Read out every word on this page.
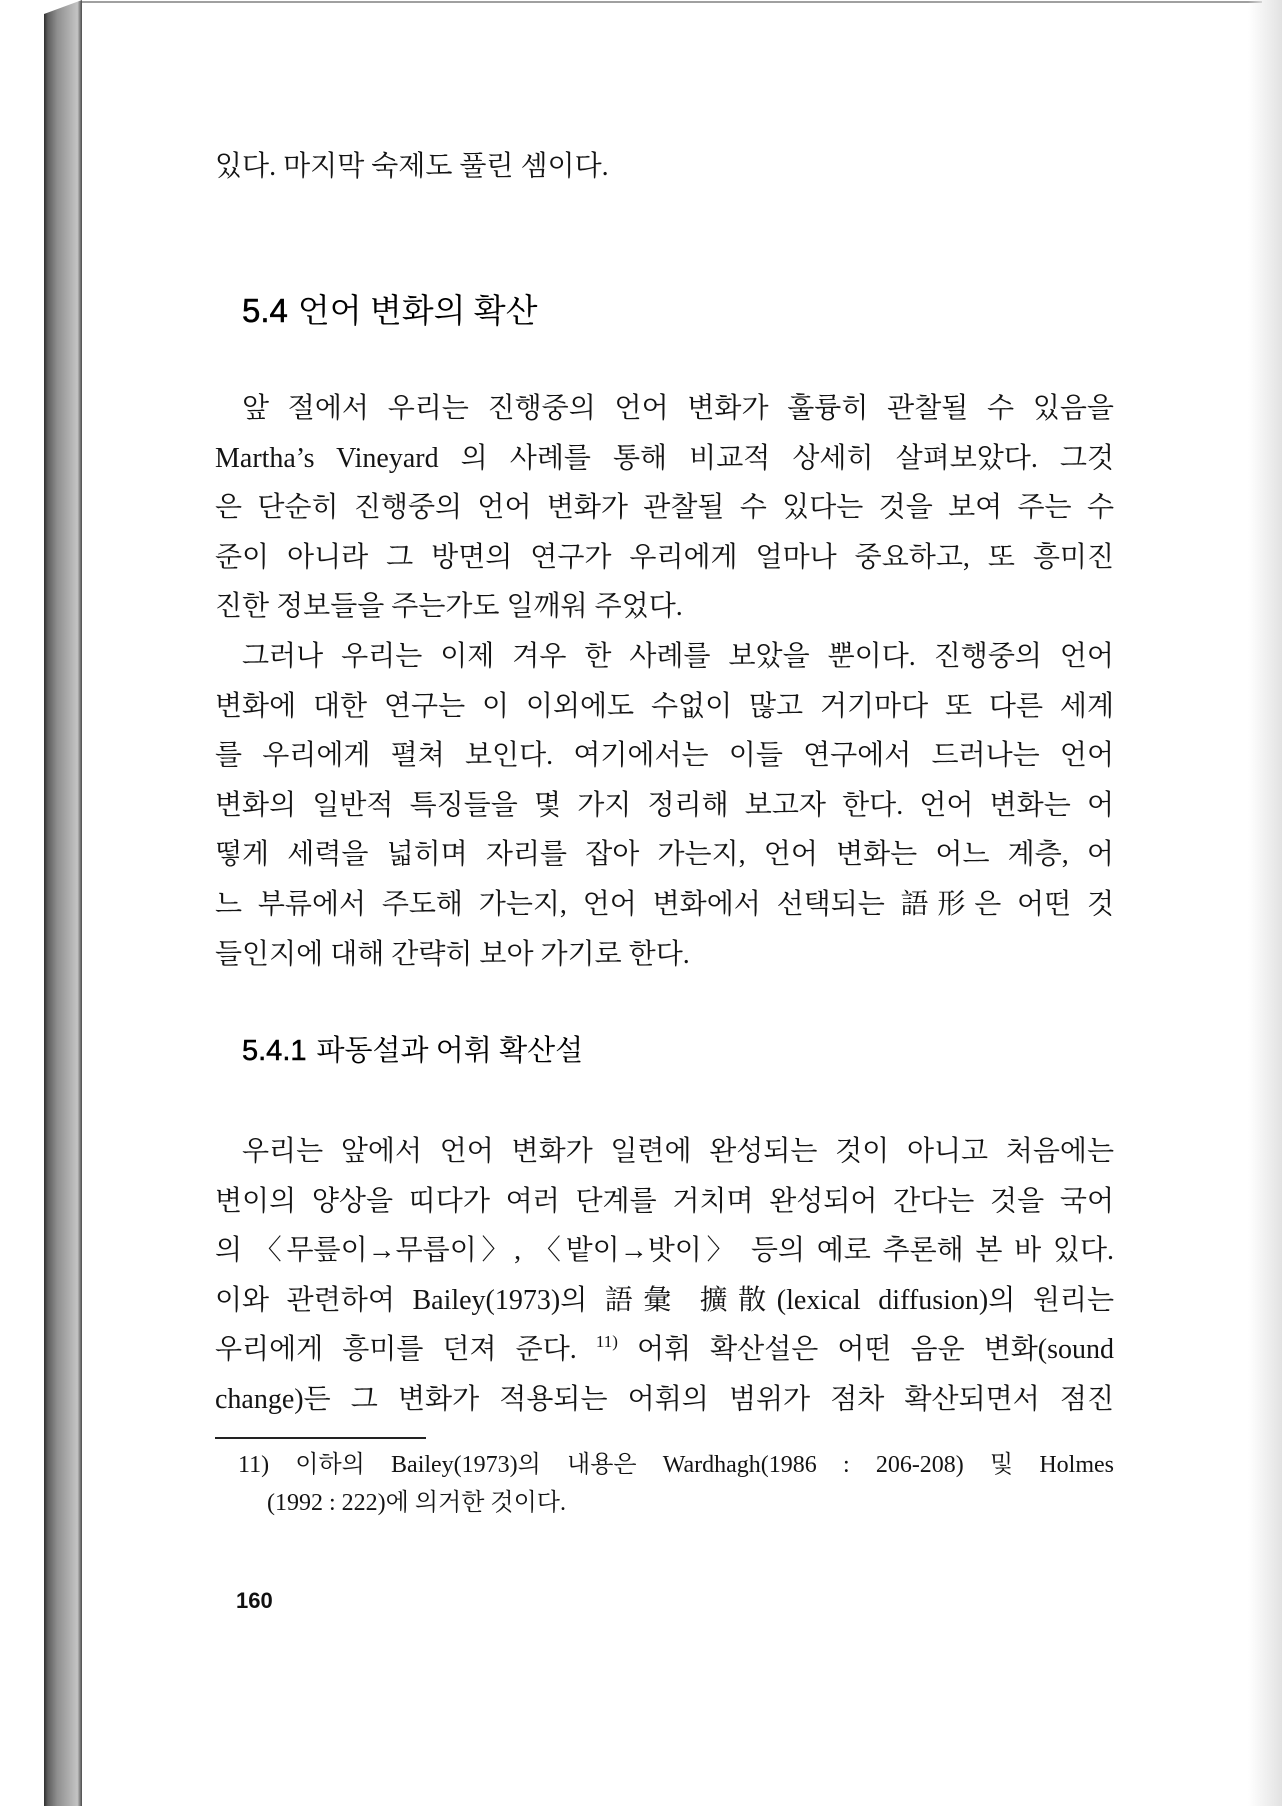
있다. 마지막 숙제도 풀린 셈이다.
5.4 언어 변화의 확산
앞 절에서 우리는 진행중의 언어 변화가 훌륭히 관찰될 수 있음을
Martha’s Vineyard 의 사례를 통해 비교적 상세히 살펴보았다. 그것
은 단순히 진행중의 언어 변화가 관찰될 수 있다는 것을 보여 주는 수
준이 아니라 그 방면의 연구가 우리에게 얼마나 중요하고, 또 흥미진
진한 정보들을 주는가도 일깨워 주었다.
그러나 우리는 이제 겨우 한 사례를 보았을 뿐이다. 진행중의 언어
변화에 대한 연구는 이 이외에도 수없이 많고 거기마다 또 다른 세계
를 우리에게 펼쳐 보인다. 여기에서는 이들 연구에서 드러나는 언어
변화의 일반적 특징들을 몇 가지 정리해 보고자 한다. 언어 변화는 어
떻게 세력을 넓히며 자리를 잡아 가는지, 언어 변화는 어느 계층, 어
느 부류에서 주도해 가는지, 언어 변화에서 선택되는 語形은 어떤 것
들인지에 대해 간략히 보아 가기로 한다.
5.4.1 파동설과 어휘 확산설
우리는 앞에서 언어 변화가 일련에 완성되는 것이 아니고 처음에는
변이의 양상을 띠다가 여러 단계를 거치며 완성되어 간다는 것을 국어
의 〈무릎이→무릅이〉, 〈밭이→밧이〉 등의 예로 추론해 본 바 있다.
이와 관련하여 Bailey(1973)의 語彙 擴散(lexical diffusion)의 원리는
우리에게 흥미를 던져 준다. $^{11)}$ 어휘 확산설은 어떤 음운 변화(sound
change)든 그 변화가 적용되는 어휘의 범위가 점차 확산되면서 점진
11) 이하의 Bailey(1973)의 내용은 Wardhagh(1986 : 206-208) 및 Holmes
(1992 : 222)에 의거한 것이다.
160
